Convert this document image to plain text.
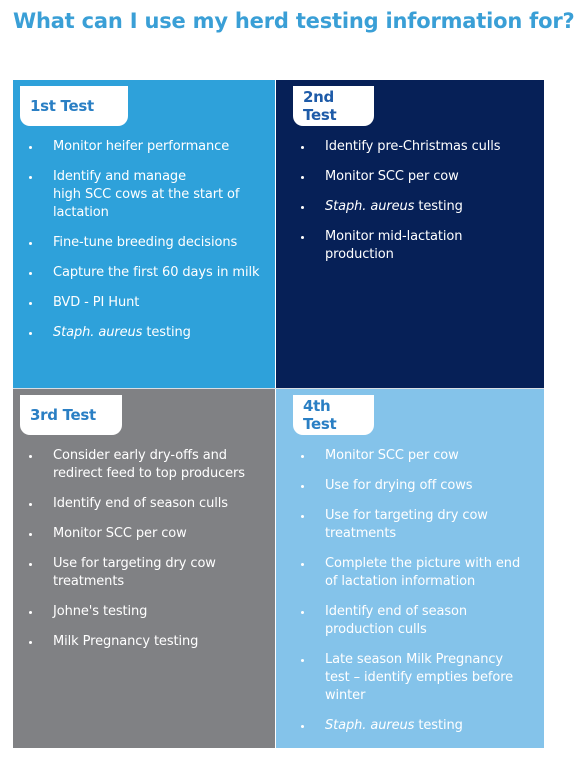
What can I use my herd testing information for?
1st Test
Monitor heifer performance
Identify and manage
high SCC cows at the start of lactation
Fine-tune breeding decisions
Capture the first 60 days in milk
BVD - PI Hunt
Staph. aureus testing
2nd Test
Identify pre-Christmas culls
Monitor SCC per cow
Staph. aureus testing
Monitor mid-lactation production
3rd Test
Consider early dry-offs and redirect feed to top producers
Identify end of season culls
Monitor SCC per cow
Use for targeting dry cow treatments
Johne's testing
Milk Pregnancy testing
4th Test
Monitor SCC per cow
Use for drying off cows
Use for targeting dry cow treatments
Complete the picture with end of lactation information
Identify end of season production culls
Late season Milk Pregnancy test – identify empties before winter
Staph. aureus testing
